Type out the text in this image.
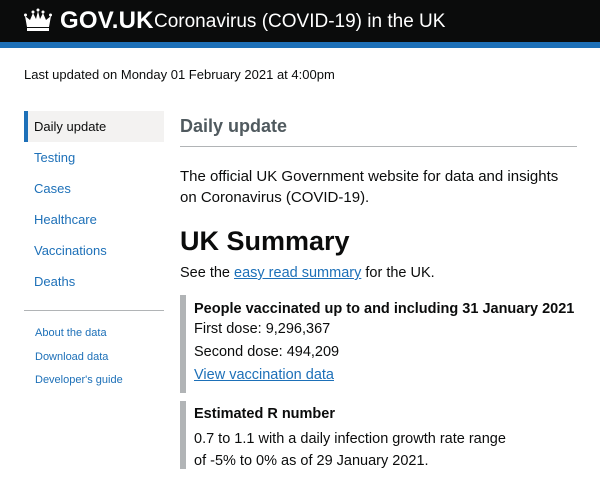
GOV.UK Coronavirus (COVID-19) in the UK
Last updated on Monday 01 February 2021 at 4:00pm
Daily update
Testing
Cases
Healthcare
Vaccinations
Deaths
About the data
Download data
Developer's guide
Daily update

The official UK Government website for data and insights on Coronavirus (COVID-19).

UK Summary

See the easy read summary for the UK.

People vaccinated up to and including 31 January 2021
First dose: 9,296,367
Second dose: 494,209
View vaccination data
Estimated R number
0.7 to 1.1 with a daily infection growth rate range
of -5% to 0% as of 29 January 2021.
